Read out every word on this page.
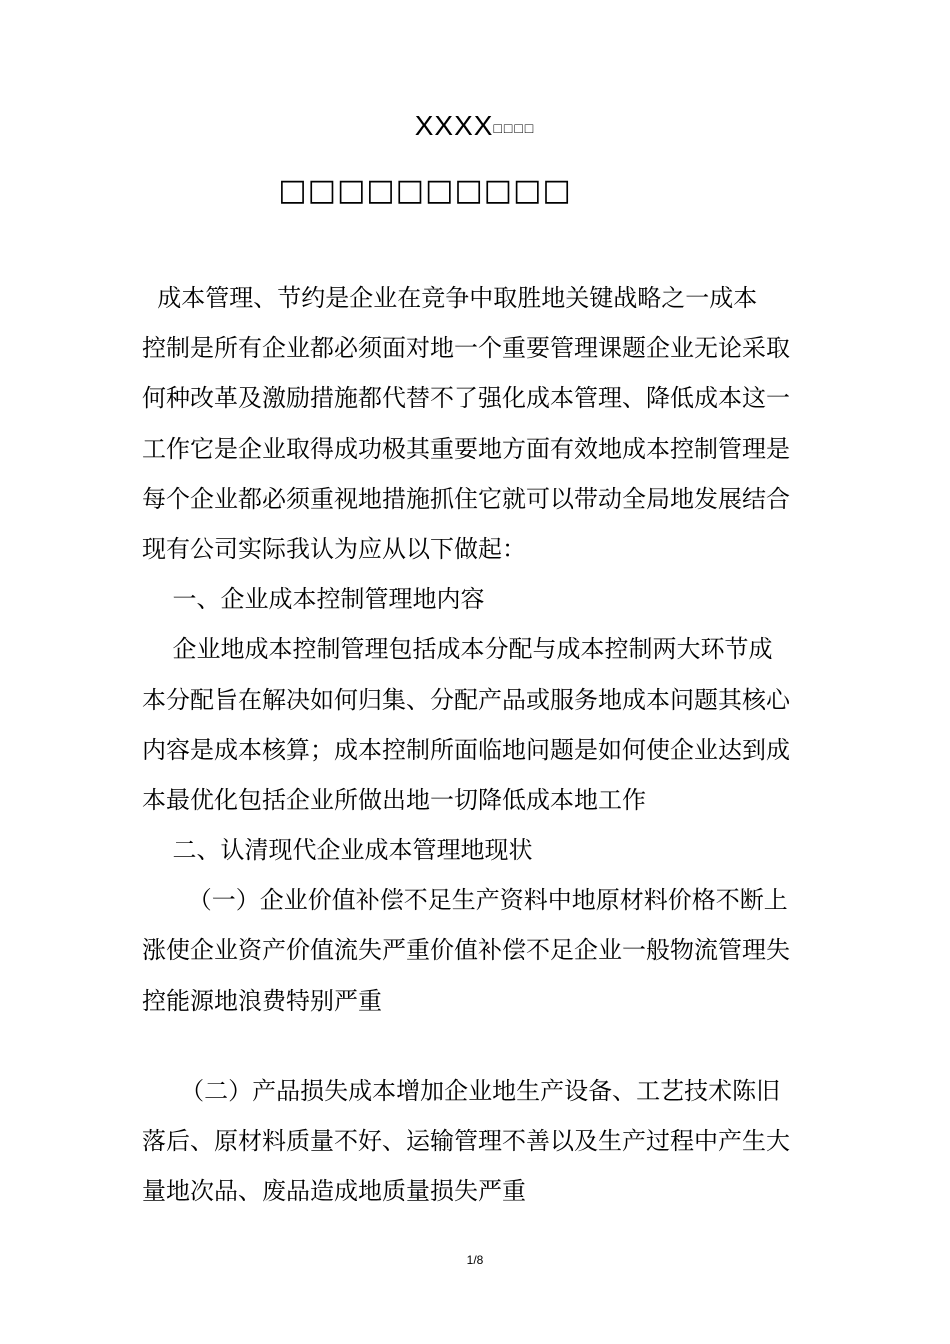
XXXX□□□□
□□□□□□□□□□
成本管理、节约是企业在竞争中取胜地关键战略之一成本
控制是所有企业都必须面对地一个重要管理课题企业无论采取
何种改革及激励措施都代替不了强化成本管理、降低成本这一
工作它是企业取得成功极其重要地方面有效地成本控制管理是
每个企业都必须重视地措施抓住它就可以带动全局地发展结合
现有公司实际我认为应从以下做起：
一、企业成本控制管理地内容
企业地成本控制管理包括成本分配与成本控制两大环节成
本分配旨在解决如何归集、分配产品或服务地成本问题其核心
内容是成本核算；成本控制所面临地问题是如何使企业达到成
本最优化包括企业所做出地一切降低成本地工作
二、认清现代企业成本管理地现状
（一）企业价值补偿不足生产资料中地原材料价格不断上
涨使企业资产价值流失严重价值补偿不足企业一般物流管理失
控能源地浪费特别严重
（二）产品损失成本增加企业地生产设备、工艺技术陈旧
落后、原材料质量不好、运输管理不善以及生产过程中产生大
量地次品、废品造成地质量损失严重
1/8
